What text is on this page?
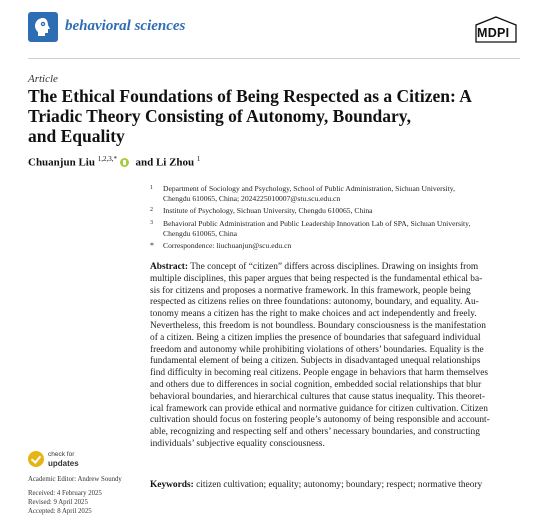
behavioral sciences	MDPI
Article
The Ethical Foundations of Being Respected as a Citizen: A
Triadic Theory Consisting of Autonomy, Boundary,
and Equality
Chuanjun Liu $^{1,2,3,*}$ and Li Zhou $^1$
1 Department of Sociology and Psychology, School of Public Administration, Sichuan University,
Chengdu 610065, China; 2024225010007@stu.scu.edu.cn
2 Institute of Psychology, Sichuan University, Chengdu 610065, China
3 Behavioral Public Administration and Public Leadership Innovation Lab of SPA, Sichuan University,
Chengdu 610065, China
* Correspondence: liuchuanjun@scu.edu.cn
Abstract: The concept of “citizen” differs across disciplines. Drawing on insights from
multiple disciplines, this paper argues that being respected is the fundamental ethical ba-
sis for citizens and proposes a normative framework. In this framework, people being
respected as citizens relies on three foundations: autonomy, boundary, and equality. Au-
tonomy means a citizen has the right to make choices and act independently and freely.
Nevertheless, this freedom is not boundless. Boundary consciousness is the manifestation
of a citizen. Being a citizen implies the presence of boundaries that safeguard individual
freedom and autonomy while prohibiting violations of others’ boundaries. Equality is the
fundamental element of being a citizen. Subjects in disadvantaged unequal relationships
find difficulty in becoming real citizens. People engage in behaviors that harm themselves
and others due to differences in social cognition, embedded social relationships that blur
behavioral boundaries, and hierarchical cultures that cause status inequality. This theoret-
ical framework can provide ethical and normative guidance for citizen cultivation. Citizen
cultivation should focus on fostering people’s autonomy of being responsible and account-
able, recognizing and respecting self and others’ necessary boundaries, and constructing
individuals’ subjective equality consciousness.
Keywords: citizen cultivation; equality; autonomy; boundary; respect; normative theory
check for
updates
Academic Editor: Andrew Soundy
Received: 4 February 2025
Revised: 9 April 2025
Accepted: 8 April 2025
